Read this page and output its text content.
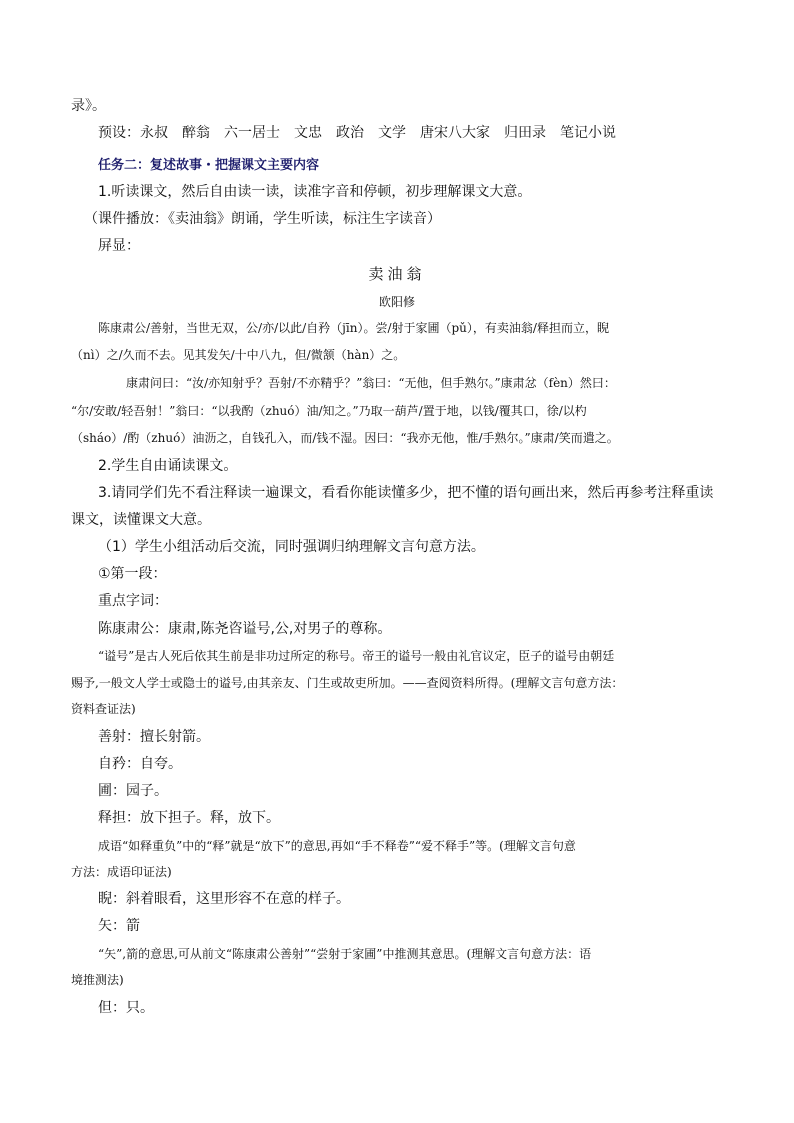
录》。
预设：永叔　醉翁　六一居士　文忠　政治　文学　唐宋八大家　归田录　笔记小说
任务二：复述故事・把握课文主要内容
1.听读课文，然后自由读一读，读准字音和停顿，初步理解课文大意。
（课件播放：《卖油翁》朗诵，学生听读，标注生字读音）
屏显：
卖油翁
欧阳修
陈康肃公/善射，当世无双，公/亦/以此/自矜（jīn）。尝/射于家圃（pǔ），有卖油翁/释担而立，睨
（nì）之/久而不去。见其发矢/十中八九，但/微颔（hàn）之。
康肃问曰：“汝/亦知射乎？吾射/不亦精乎？”翁曰：“无他，但手熟尔。”康肃忿（fèn）然曰：
“尔/安敢/轻吾射！”翁曰：“以我酌（zhuó）油/知之。”乃取一葫芦/置于地，以钱/覆其口，徐/以杓
（sháo）/酌（zhuó）油沥之，自钱孔入，而/钱不湿。因曰：“我亦无他，惟/手熟尔。”康肃/笑而遣之。
2.学生自由诵读课文。
3.请同学们先不看注释读一遍课文，看看你能读懂多少，把不懂的语句画出来，然后再参考注释重读
课文，读懂课文大意。
（1）学生小组活动后交流，同时强调归纳理解文言句意方法。
①第一段：
重点字词：
陈康肃公：康肃,陈尧咨谥号,公,对男子的尊称。
“谥号”是古人死后依其生前是非功过所定的称号。帝王的谥号一般由礼官议定，臣子的谥号由朝廷
赐予,一般文人学士或隐士的谥号,由其亲友、门生或故吏所加。——查阅资料所得。(理解文言句意方法：
资料查证法)
善射：擅长射箭。
自矜：自夸。
圃：园子。
释担：放下担子。释，放下。
成语“如释重负”中的“释”就是“放下”的意思,再如“手不释卷”“爱不释手”等。(理解文言句意
方法：成语印证法)
睨：斜着眼看，这里形容不在意的样子。
矢：箭
“矢”,箭的意思,可从前文“陈康肃公善射”“尝射于家圃”中推测其意思。(理解文言句意方法：语
境推测法)
但：只。
